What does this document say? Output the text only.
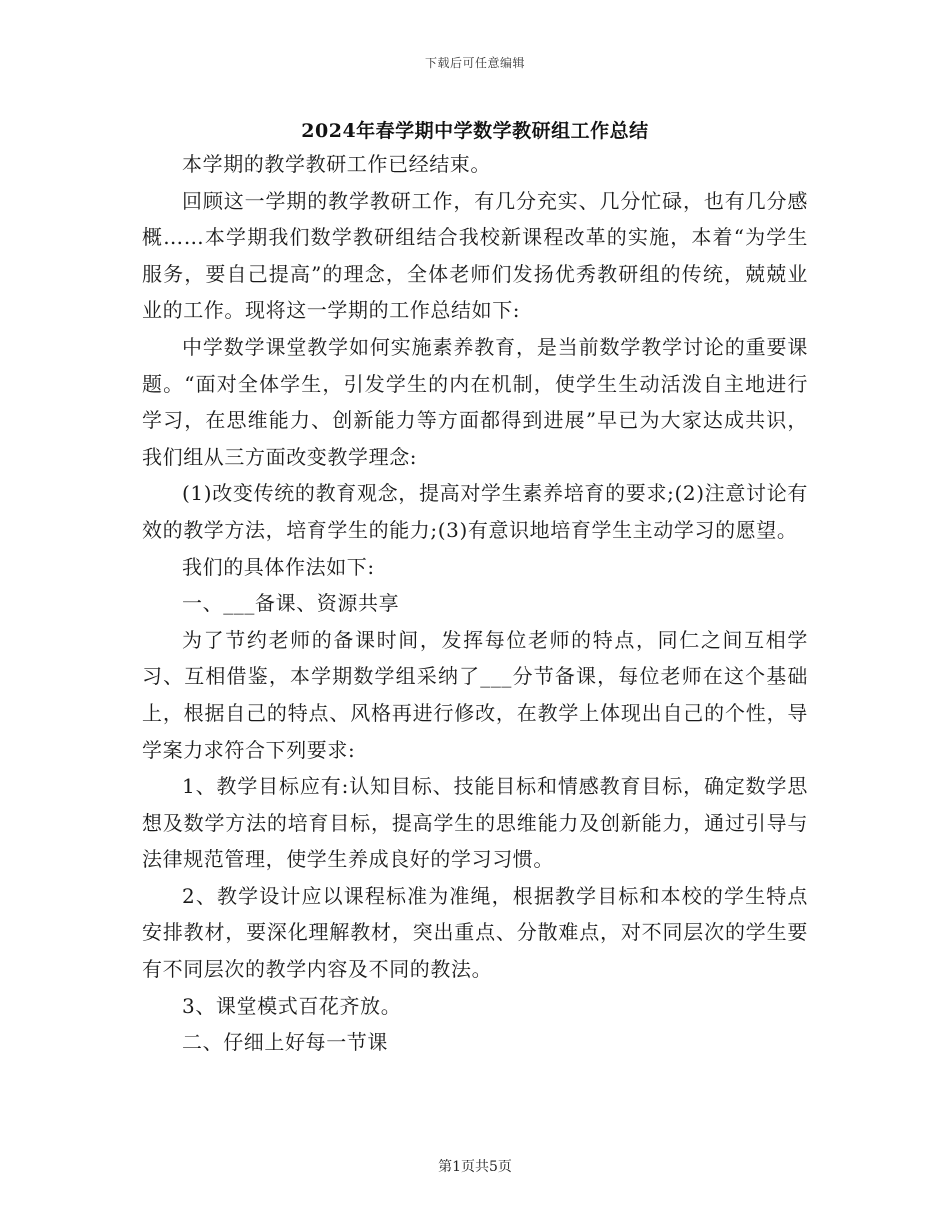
下载后可任意编辑
2024年春学期中学数学教研组工作总结

本学期的教学教研工作已经结束。

回顾这一学期的教学教研工作，有几分充实、几分忙碌，也有几分感概……本学期我们数学教研组结合我校新课程改革的实施，本着“为学生服务，要自己提高”的理念，全体老师们发扬优秀教研组的传统，兢兢业业的工作。现将这一学期的工作总结如下:

中学数学课堂教学如何实施素养教育，是当前数学教学讨论的重要课题。“面对全体学生，引发学生的内在机制，使学生生动活泼自主地进行学习，在思维能力、创新能力等方面都得到进展”早已为大家达成共识，我们组从三方面改变教学理念:

(1)改变传统的教育观念，提高对学生素养培育的要求;(2)注意讨论有效的教学方法，培育学生的能力;(3)有意识地培育学生主动学习的愿望。

我们的具体作法如下:

一、___备课、资源共享

为了节约老师的备课时间，发挥每位老师的特点，同仁之间互相学习、互相借鉴，本学期数学组采纳了___分节备课，每位老师在这个基础上，根据自己的特点、风格再进行修改，在教学上体现出自己的个性，导学案力求符合下列要求:

1、教学目标应有:认知目标、技能目标和情感教育目标，确定数学思想及数学方法的培育目标，提高学生的思维能力及创新能力，通过引导与法律规范管理，使学生养成良好的学习习惯。

2、教学设计应以课程标准为准绳，根据教学目标和本校的学生特点安排教材，要深化理解教材，突出重点、分散难点，对不同层次的学生要有不同层次的教学内容及不同的教法。

3、课堂模式百花齐放。

二、仔细上好每一节课

第1页共5页
